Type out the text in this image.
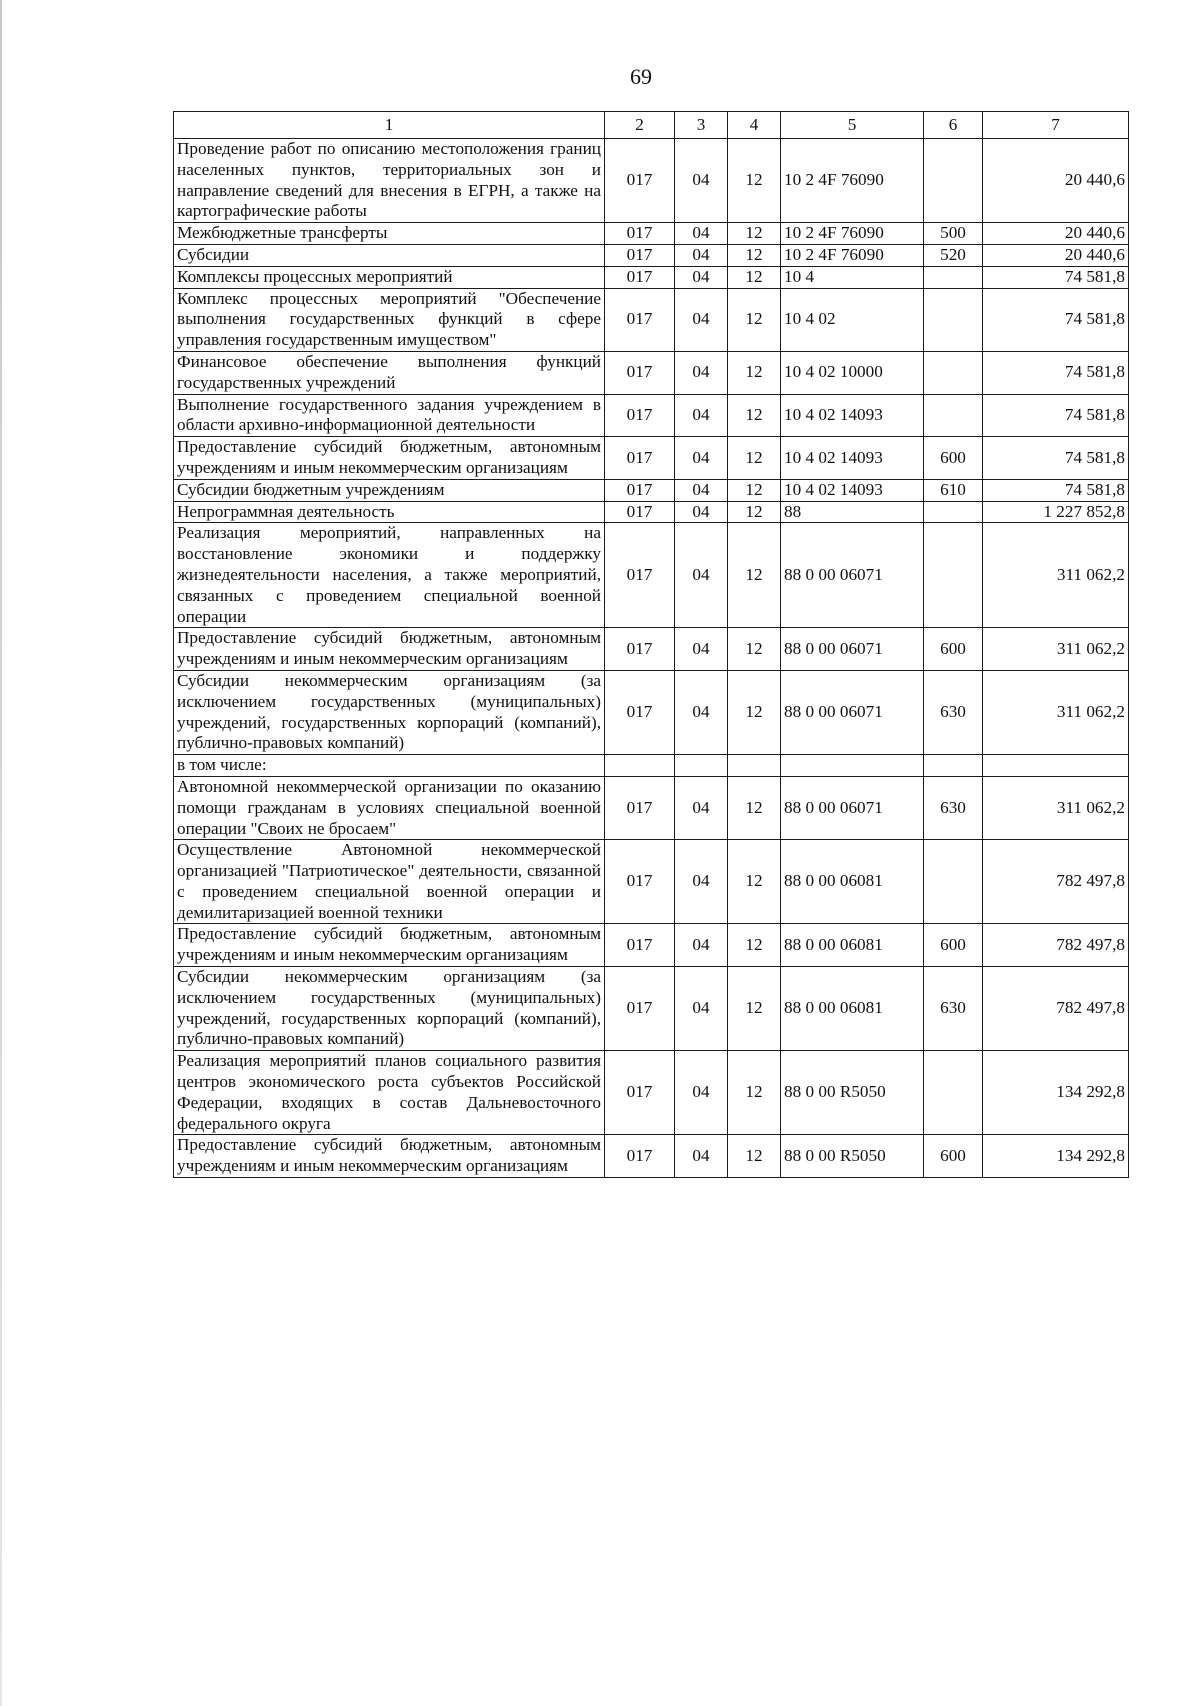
69
1	2	3	4	5	6	7
Проведение работ по описанию местоположения границ населенных пунктов, территориальных зон и направление сведений для внесения в ЕГРН, а также на картографические работы	017	04	12	10 2 4F 76090		20 440,6
Межбюджетные трансферты	017	04	12	10 2 4F 76090	500	20 440,6
Субсидии	017	04	12	10 2 4F 76090	520	20 440,6
Комплексы процессных мероприятий	017	04	12	10 4		74 581,8
Комплекс процессных мероприятий "Обеспечение выполнения государственных функций в сфере управления государственным имуществом"	017	04	12	10 4 02		74 581,8
Финансовое обеспечение выполнения функций государственных учреждений	017	04	12	10 4 02 10000		74 581,8
Выполнение государственного задания учреждением в области архивно-информационной деятельности	017	04	12	10 4 02 14093		74 581,8
Предоставление субсидий бюджетным, автономным учреждениям и иным некоммерческим организациям	017	04	12	10 4 02 14093	600	74 581,8
Субсидии бюджетным учреждениям	017	04	12	10 4 02 14093	610	74 581,8
Непрограммная деятельность	017	04	12	88		1 227 852,8
Реализация мероприятий, направленных на восстановление экономики и поддержку жизнедеятельности населения, а также мероприятий, связанных с проведением специальной военной операции	017	04	12	88 0 00 06071		311 062,2
Предоставление субсидий бюджетным, автономным учреждениям и иным некоммерческим организациям	017	04	12	88 0 00 06071	600	311 062,2
Субсидии некоммерческим организациям (за исключением государственных (муниципальных) учреждений, государственных корпораций (компаний), публично-правовых компаний)	017	04	12	88 0 00 06071	630	311 062,2
в том числе:						
Автономной некоммерческой организации по оказанию помощи гражданам в условиях специальной военной операции "Своих не бросаем"	017	04	12	88 0 00 06071	630	311 062,2
Осуществление Автономной некоммерческой организацией "Патриотическое" деятельности, связанной с проведением специальной военной операции и демилитаризацией военной техники	017	04	12	88 0 00 06081		782 497,8
Предоставление субсидий бюджетным, автономным учреждениям и иным некоммерческим организациям	017	04	12	88 0 00 06081	600	782 497,8
Субсидии некоммерческим организациям (за исключением государственных (муниципальных) учреждений, государственных корпораций (компаний), публично-правовых компаний)	017	04	12	88 0 00 06081	630	782 497,8
Реализация мероприятий планов социального развития центров экономического роста субъектов Российской Федерации, входящих в состав Дальневосточного федерального округа	017	04	12	88 0 00 R5050		134 292,8
Предоставление субсидий бюджетным, автономным учреждениям и иным некоммерческим организациям	017	04	12	88 0 00 R5050	600	134 292,8
